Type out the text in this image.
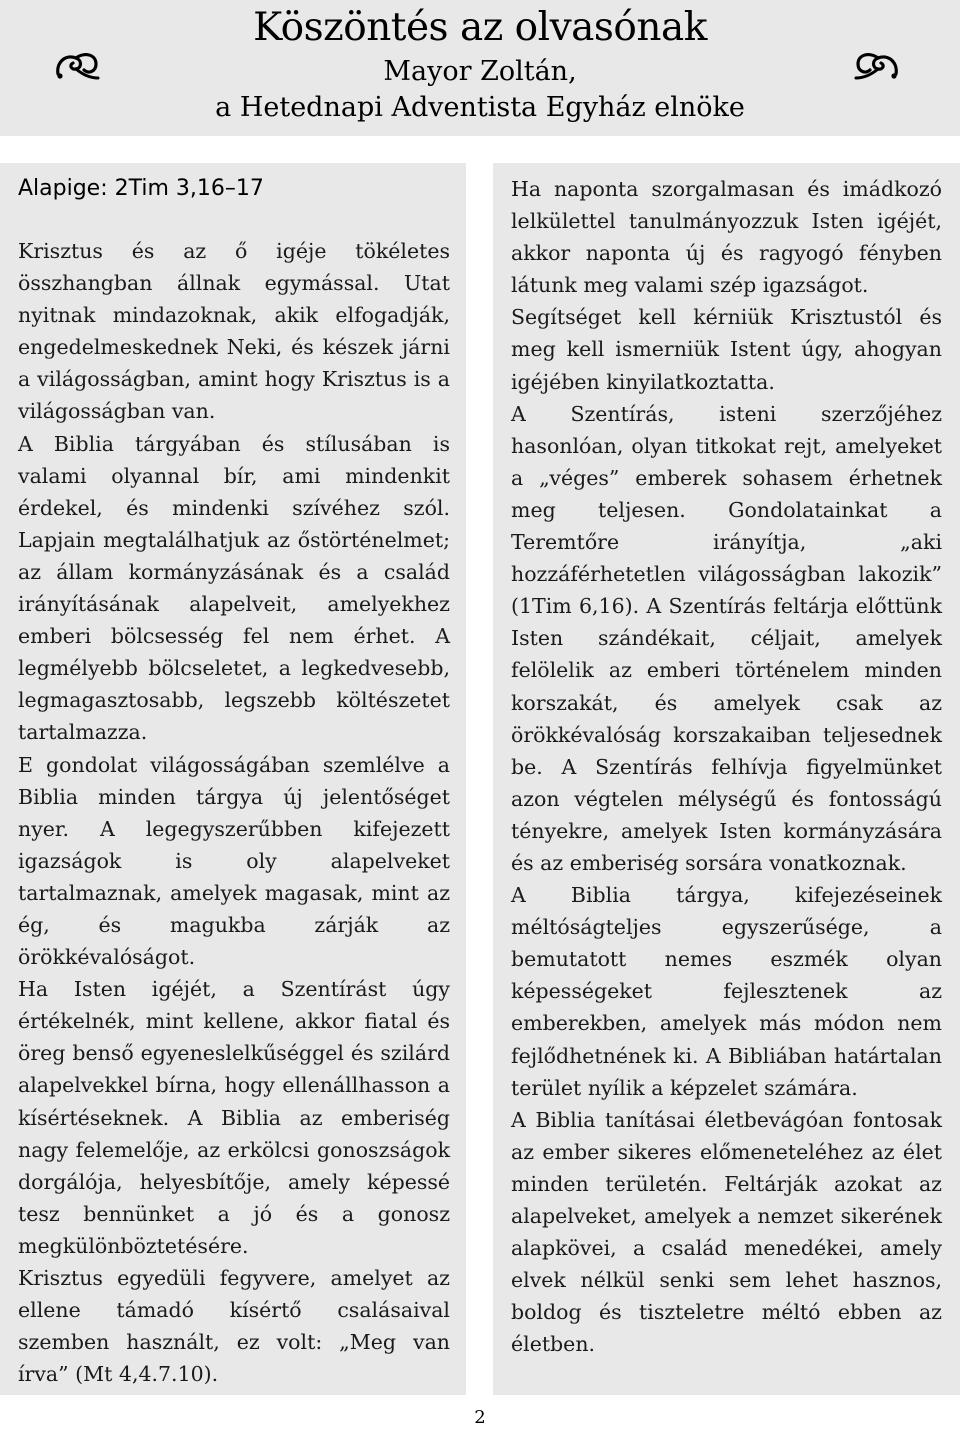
Köszöntés az olvasónak
Mayor Zoltán,
a Hetednapi Adventista Egyház elnöke
Alapige: 2Tim 3,16–17

Krisztus és az ő igéje tökéletes összhangban állnak egymással. Utat nyitnak mindazoknak, akik elfogadják, engedelmeskednek Neki, és készek járni a világosságban, amint hogy Krisztus is a világosságban van.

A Biblia tárgyában és stílusában is valami olyannal bír, ami mindenkit érdekel, és mindenki szívéhez szól. Lapjain megtalálhatjuk az őstörténelmet; az állam kormányzásának és a család irányításának alapelveit, amelyekhez emberi bölcsesség fel nem érhet. A legmélyebb bölcseletet, a legkedvesebb, legmagasztosabb, legszebb költészetet tartalmazza.

E gondolat világosságában szemlélve a Biblia minden tárgya új jelentőséget nyer. A legegyszerűbben kifejezett igazságok is oly alapelveket tartalmaznak, amelyek magasak, mint az ég, és magukba zárják az örökkévalóságot.

Ha Isten igéjét, a Szentírást úgy értékelnék, mint kellene, akkor fiatal és öreg benső egyeneslelkűséggel és szilárd alapelvekkel bírna, hogy ellenállhasson a kísértéseknek. A Biblia az emberiség nagy felemelője, az erkölcsi gonoszságok dorgálója, helyesbítője, amely képessé tesz bennünket a jó és a gonosz megkülönböztetésére.

Krisztus egyedüli fegyvere, amelyet az ellene támadó kísértő csalásaival szemben használt, ez volt: „Meg van írva” (Mt 4,4.7.10).

Ha naponta szorgalmasan és imádkozó lelkülettel tanulmányozzuk Isten igéjét, akkor naponta új és ragyogó fényben látunk meg valami szép igazságot.

Segítséget kell kérniük Krisztustól és meg kell ismerniük Istent úgy, ahogyan igéjében kinyilatkoztatta.

A Szentírás, isteni szerzőjéhez hasonlóan, olyan titkokat rejt, amelyeket a „véges” emberek sohasem érhetnek meg teljesen. Gondolatainkat a Teremtőre irányítja, „aki hozzáférhetetlen világosságban lakozik” (1Tim 6,16). A Szentírás feltárja előttünk Isten szándékait, céljait, amelyek felölelik az emberi történelem minden korszakát, és amelyek csak az örökkévalóság korszakaiban teljesednek be. A Szentírás felhívja figyelmünket azon végtelen mélységű és fontosságú tényekre, amelyek Isten kormányzására és az emberiség sorsára vonatkoznak.

A Biblia tárgya, kifejezéseinek méltóságteljes egyszerűsége, a bemutatott nemes eszmék olyan képességeket fejlesztenek az emberekben, amelyek más módon nem fejlődhetnének ki. A Bibliában határtalan terület nyílik a képzelet számára.

A Biblia tanításai életbevágóan fontosak az ember sikeres előmeneteléhez az élet minden területén. Feltárják azokat az alapelveket, amelyek a nemzet sikerének alapkövei, a család menedékei, amely elvek nélkül senki sem lehet hasznos, boldog és tiszteletre méltó ebben az életben.

2
